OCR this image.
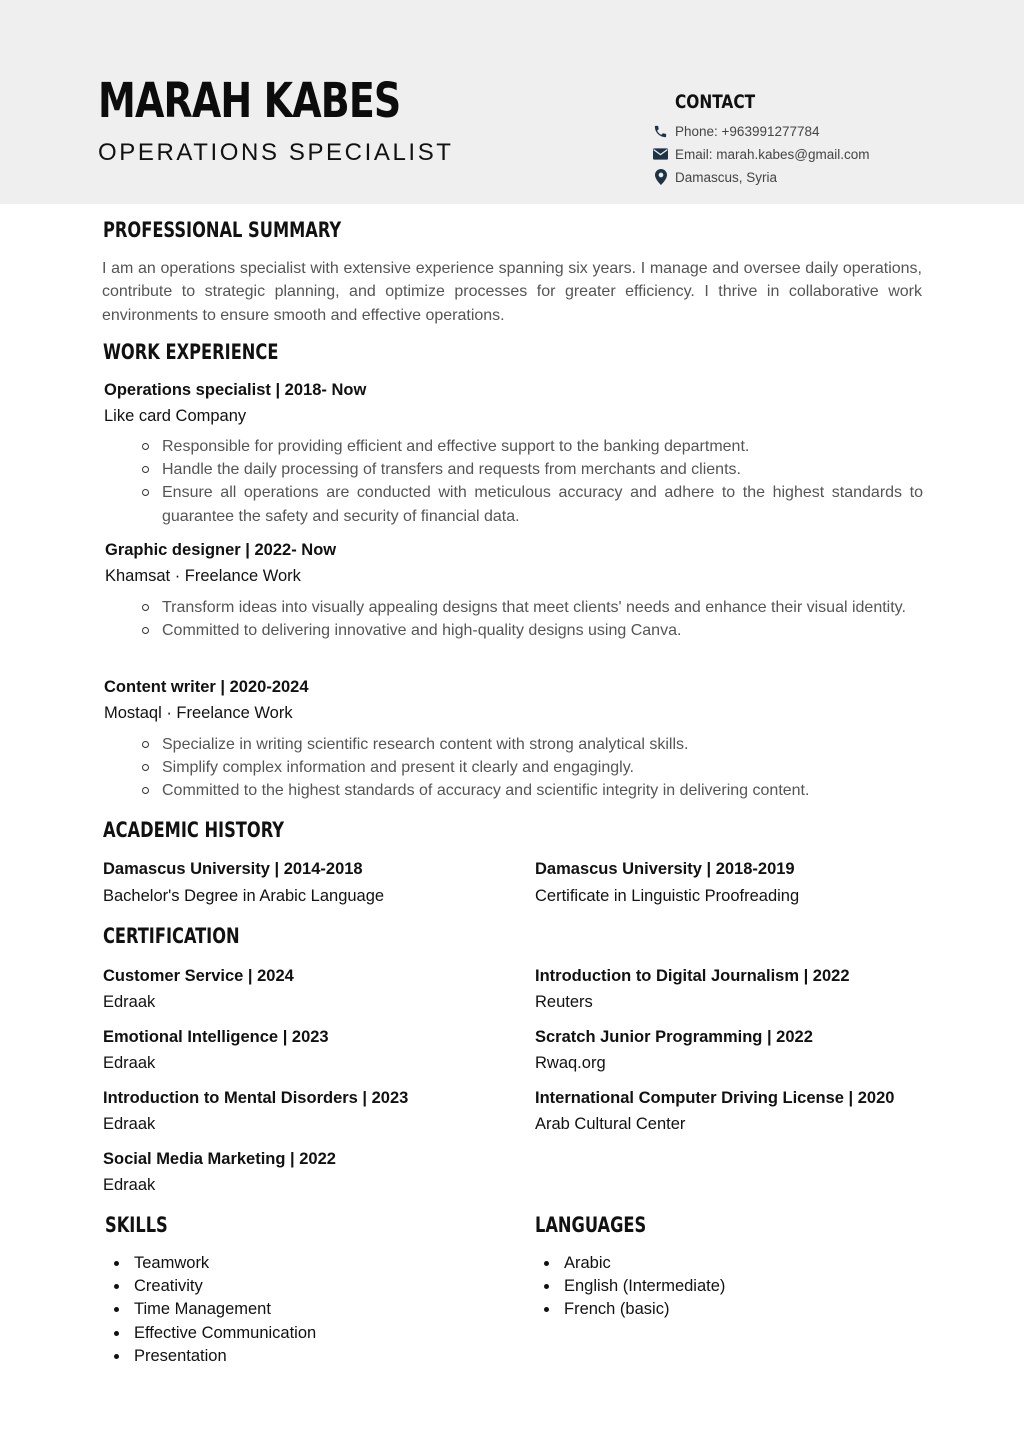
MARAH KABES
OPERATIONS SPECIALIST
CONTACT
Phone: +963991277784
Email: marah.kabes@gmail.com
Damascus, Syria
PROFESSIONAL SUMMARY
I am an operations specialist with extensive experience spanning six years. I manage and oversee daily operations, contribute to strategic planning, and optimize processes for greater efficiency. I thrive in collaborative work environments to ensure smooth and effective operations.
WORK EXPERIENCE
Operations specialist | 2018- Now
Like card Company
Responsible for providing efficient and effective support to the banking department.
Handle the daily processing of transfers and requests from merchants and clients.
Ensure all operations are conducted with meticulous accuracy and adhere to the highest standards to guarantee the safety and security of financial data.
Graphic designer | 2022- Now
Khamsat · Freelance Work
Transform ideas into visually appealing designs that meet clients' needs and enhance their visual identity.
Committed to delivering innovative and high-quality designs using Canva.
Content writer | 2020-2024
Mostaql · Freelance Work
Specialize in writing scientific research content with strong analytical skills.
Simplify complex information and present it clearly and engagingly.
Committed to the highest standards of accuracy and scientific integrity in delivering content.
ACADEMIC HISTORY
Damascus University | 2014-2018
Bachelor's Degree in Arabic Language
Damascus University | 2018-2019
Certificate in Linguistic Proofreading
CERTIFICATION
Customer Service | 2024
Edraak
Introduction to Digital Journalism | 2022
Reuters
Emotional Intelligence | 2023
Edraak
Scratch Junior Programming | 2022
Rwaq.org
Introduction to Mental Disorders | 2023
Edraak
International Computer Driving License | 2020
Arab Cultural Center
Social Media Marketing | 2022
Edraak
SKILLS
Teamwork
Creativity
Time Management
Effective Communication
Presentation
LANGUAGES
Arabic
English (Intermediate)
French (basic)
